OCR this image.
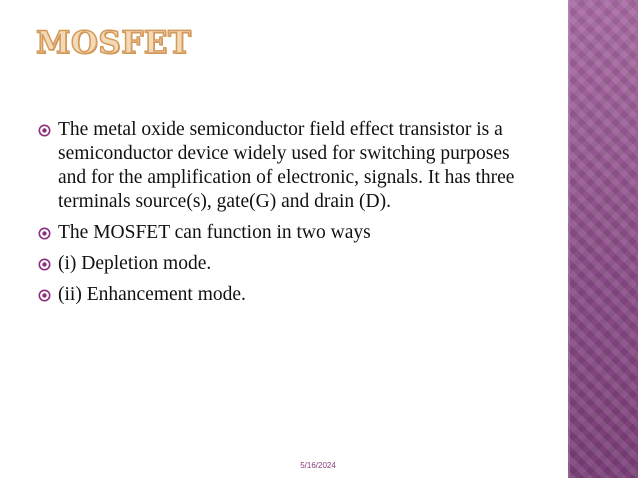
MOSFET
The metal oxide semiconductor field effect transistor is a semiconductor device widely used for switching purposes and for the amplification of electronic, signals. It has three terminals source(s), gate(G) and drain (D).
The MOSFET can function in two ways
(i) Depletion mode.
(ii) Enhancement mode.
5/16/2024
